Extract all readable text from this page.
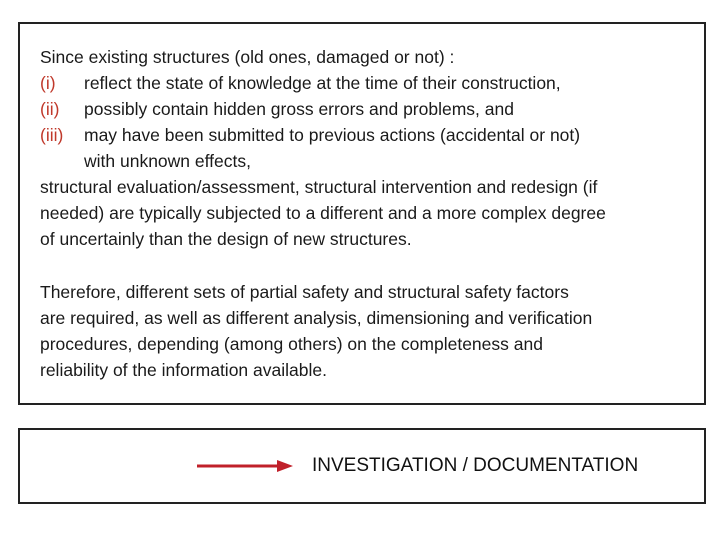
Since existing structures (old ones, damaged or not) :
(i)	reflect the state of knowledge at the time of their construction,
(ii)	possibly contain hidden gross errors and problems, and
(iii)	may have been submitted to previous actions (accidental or not)
with unknown effects,
structural evaluation/assessment, structural intervention and redesign (if
needed) are typically subjected to a different and a more complex degree
of uncertainly than the design of new structures.
Therefore, different sets of partial safety and structural safety factors
are required, as well as different analysis, dimensioning and verification
procedures, depending (among others) on the completeness and
reliability of the information available.
INVESTIGATION / DOCUMENTATION
